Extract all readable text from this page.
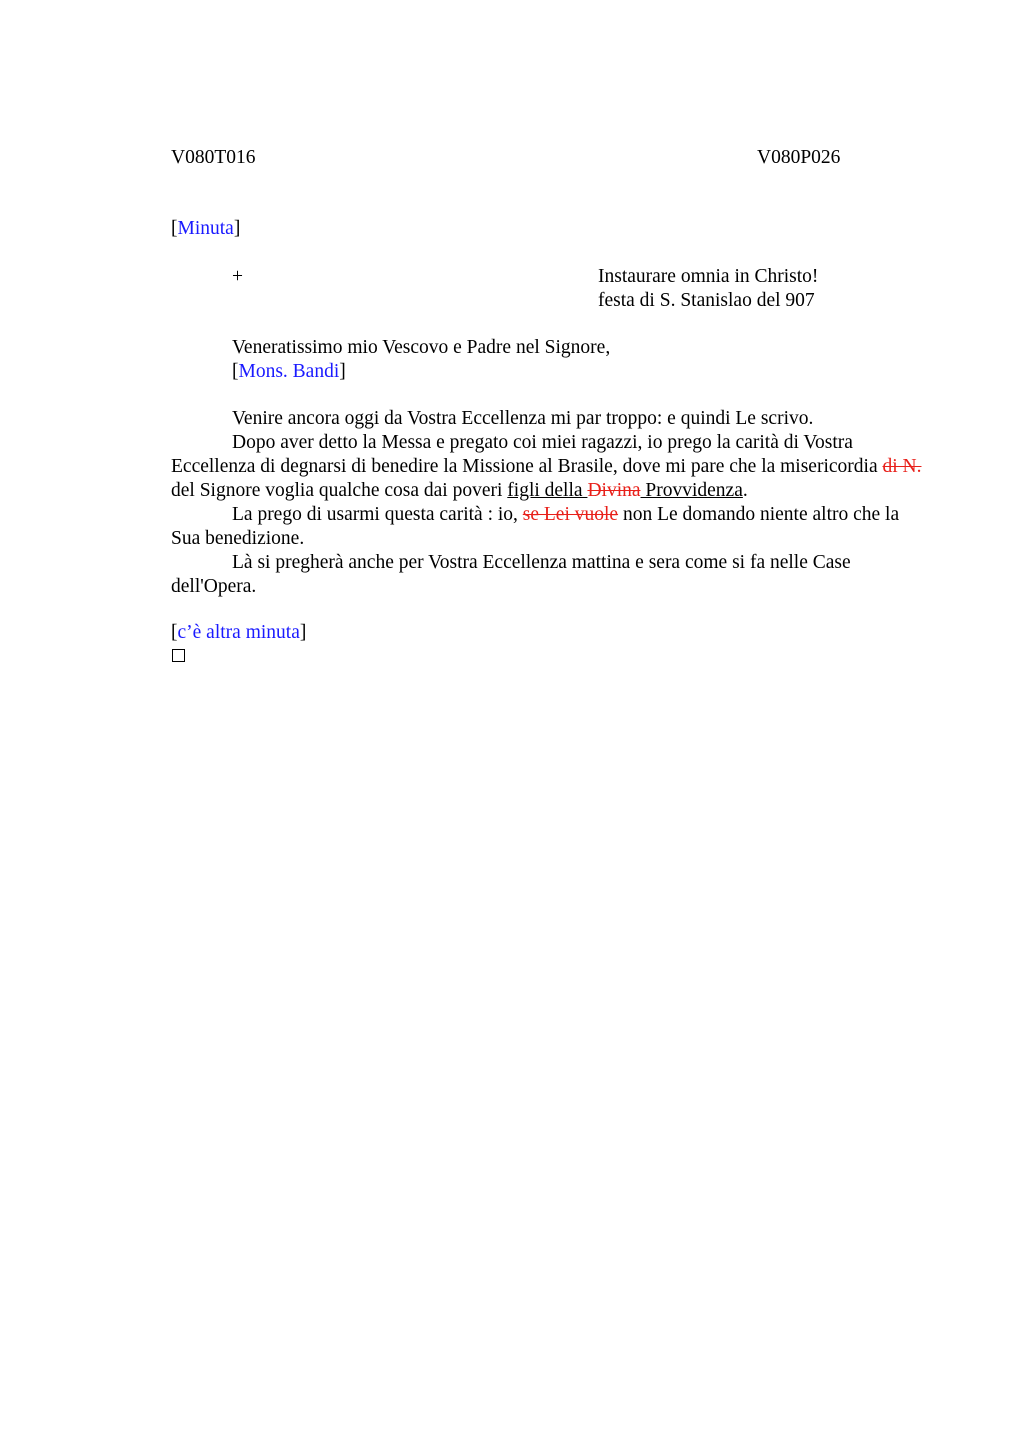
V080T016	V080P026
[Minuta]
+	Instaurare omnia in Christo!
festa di S. Stanislao del 907
Veneratissimo mio Vescovo e Padre nel Signore,
[Mons. Bandi]
Venire ancora oggi da Vostra Eccellenza mi par troppo: e quindi Le scrivo.
Dopo aver detto la Messa e pregato coi miei ragazzi, io prego la carità di Vostra Eccellenza di degnarsi di benedire la Missione al Brasile, dove mi pare che la misericordia di N. del Signore voglia qualche cosa dai poveri figli della Divina Provvidenza.
La prego di usarmi questa carità : io, se Lei vuole non Le domando niente altro che la Sua benedizione.
Là si pregherà anche per Vostra Eccellenza mattina e sera come si fa nelle Case dell'Opera.
[c’è altra minuta]
